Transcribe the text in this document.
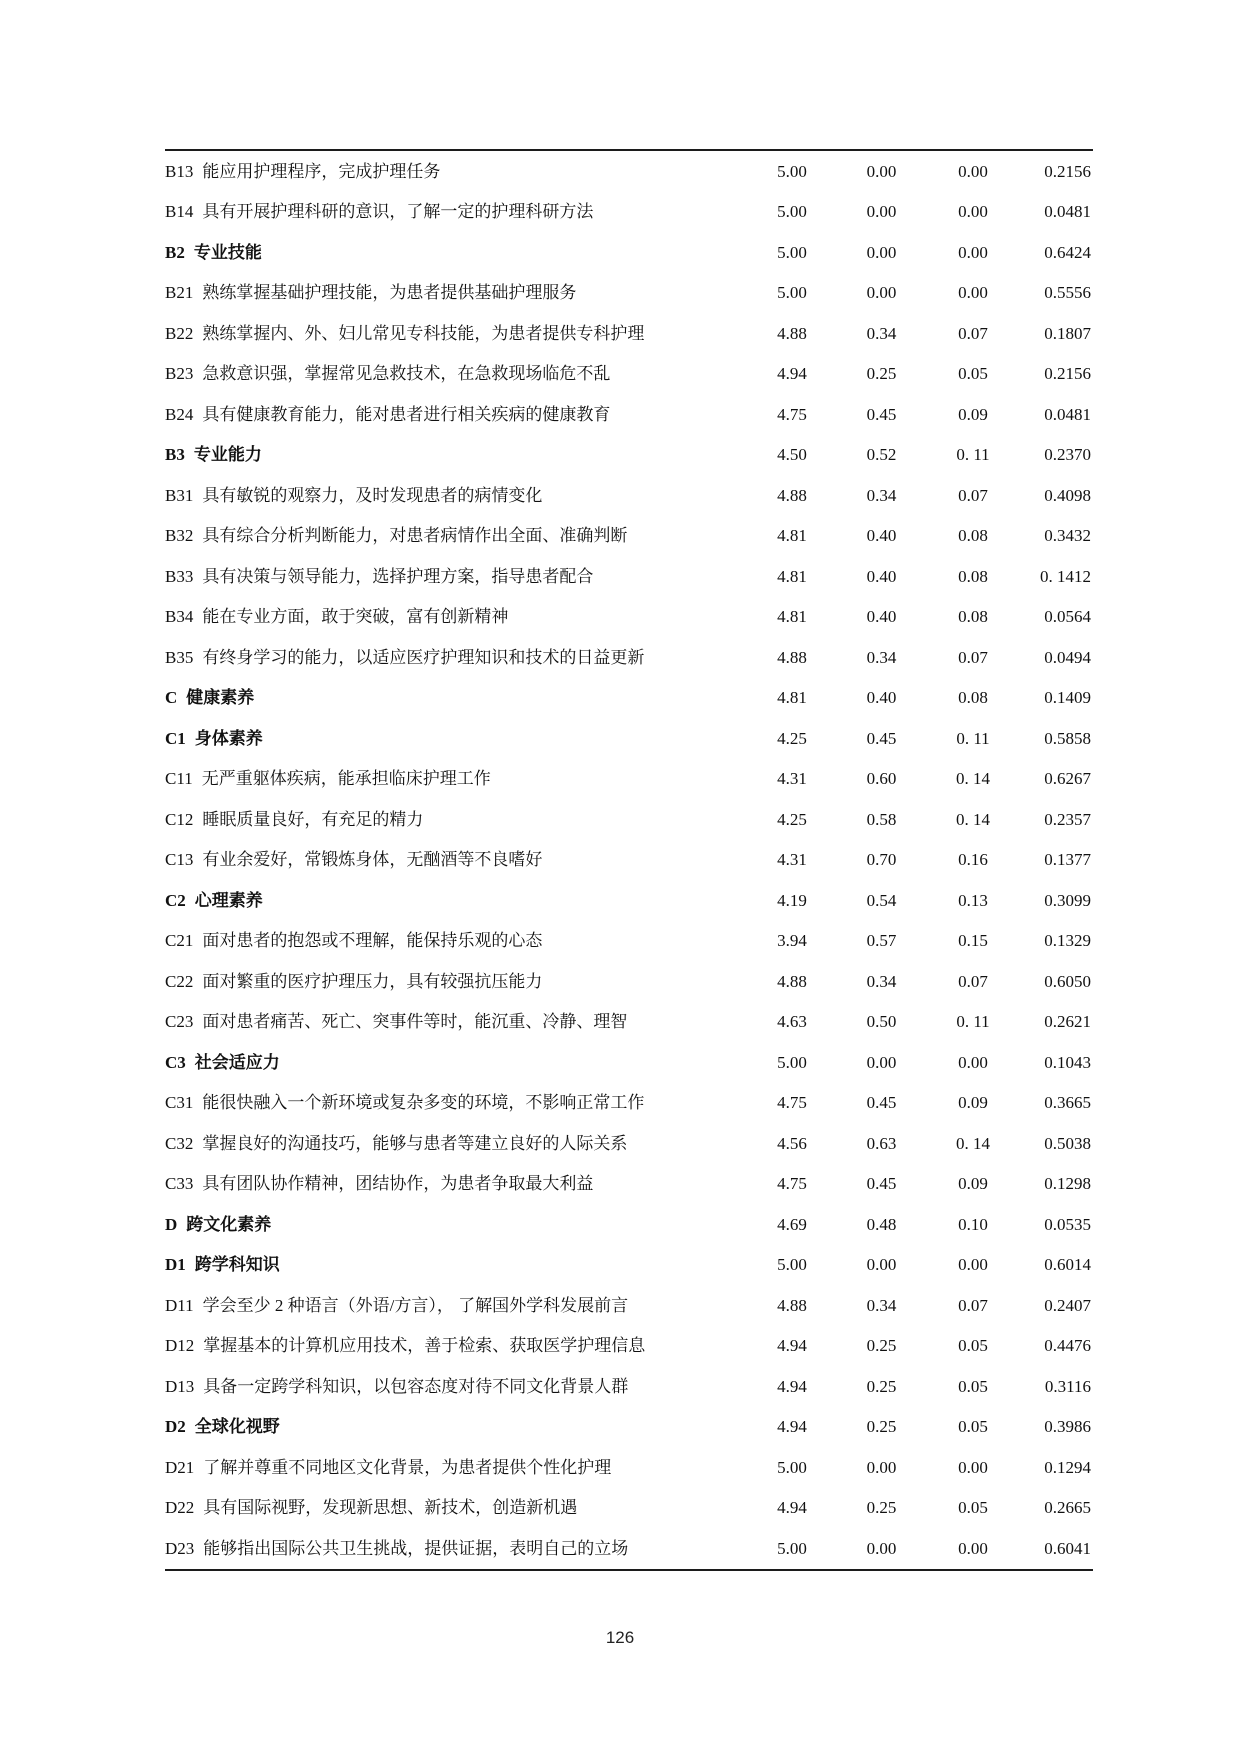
B13 能应用护理程序，完成护理任务	5.00	0.00	0.00	0.2156
B14 具有开展护理科研的意识，了解一定的护理科研方法	5.00	0.00	0.00	0.0481
B2 专业技能	5.00	0.00	0.00	0.6424
B21 熟练掌握基础护理技能，为患者提供基础护理服务	5.00	0.00	0.00	0.5556
B22 熟练掌握内、外、妇儿常见专科技能，为患者提供专科护理	4.88	0.34	0.07	0.1807
B23 急救意识强，掌握常见急救技术，在急救现场临危不乱	4.94	0.25	0.05	0.2156
B24 具有健康教育能力，能对患者进行相关疾病的健康教育	4.75	0.45	0.09	0.0481
B3 专业能力	4.50	0.52	0. 11	0.2370
B31 具有敏锐的观察力，及时发现患者的病情变化	4.88	0.34	0.07	0.4098
B32 具有综合分析判断能力，对患者病情作出全面、准确判断	4.81	0.40	0.08	0.3432
B33 具有决策与领导能力，选择护理方案，指导患者配合	4.81	0.40	0.08	0. 1412
B34 能在专业方面，敢于突破，富有创新精神	4.81	0.40	0.08	0.0564
B35 有终身学习的能力，以适应医疗护理知识和技术的日益更新	4.88	0.34	0.07	0.0494
C 健康素养	4.81	0.40	0.08	0.1409
C1 身体素养	4.25	0.45	0. 11	0.5858
C11 无严重躯体疾病，能承担临床护理工作	4.31	0.60	0. 14	0.6267
C12 睡眠质量良好，有充足的精力	4.25	0.58	0. 14	0.2357
C13 有业余爱好，常锻炼身体，无酗酒等不良嗜好	4.31	0.70	0.16	0.1377
C2 心理素养	4.19	0.54	0.13	0.3099
C21 面对患者的抱怨或不理解，能保持乐观的心态	3.94	0.57	0.15	0.1329
C22 面对繁重的医疗护理压力，具有较强抗压能力	4.88	0.34	0.07	0.6050
C23 面对患者痛苦、死亡、突事件等时，能沉重、冷静、理智	4.63	0.50	0. 11	0.2621
C3 社会适应力	5.00	0.00	0.00	0.1043
C31 能很快融入一个新环境或复杂多变的环境，不影响正常工作	4.75	0.45	0.09	0.3665
C32 掌握良好的沟通技巧，能够与患者等建立良好的人际关系	4.56	0.63	0. 14	0.5038
C33 具有团队协作精神，团结协作，为患者争取最大利益	4.75	0.45	0.09	0.1298
D 跨文化素养	4.69	0.48	0.10	0.0535
D1 跨学科知识	5.00	0.00	0.00	0.6014
D11 学会至少 2 种语言（外语/方言）， 了解国外学科发展前言	4.88	0.34	0.07	0.2407
D12 掌握基本的计算机应用技术，善于检索、获取医学护理信息	4.94	0.25	0.05	0.4476
D13 具备一定跨学科知识，以包容态度对待不同文化背景人群	4.94	0.25	0.05	0.3116
D2 全球化视野	4.94	0.25	0.05	0.3986
D21 了解并尊重不同地区文化背景，为患者提供个性化护理	5.00	0.00	0.00	0.1294
D22 具有国际视野，发现新思想、新技术，创造新机遇	4.94	0.25	0.05	0.2665
D23 能够指出国际公共卫生挑战，提供证据，表明自己的立场	5.00	0.00	0.00	0.6041
126
